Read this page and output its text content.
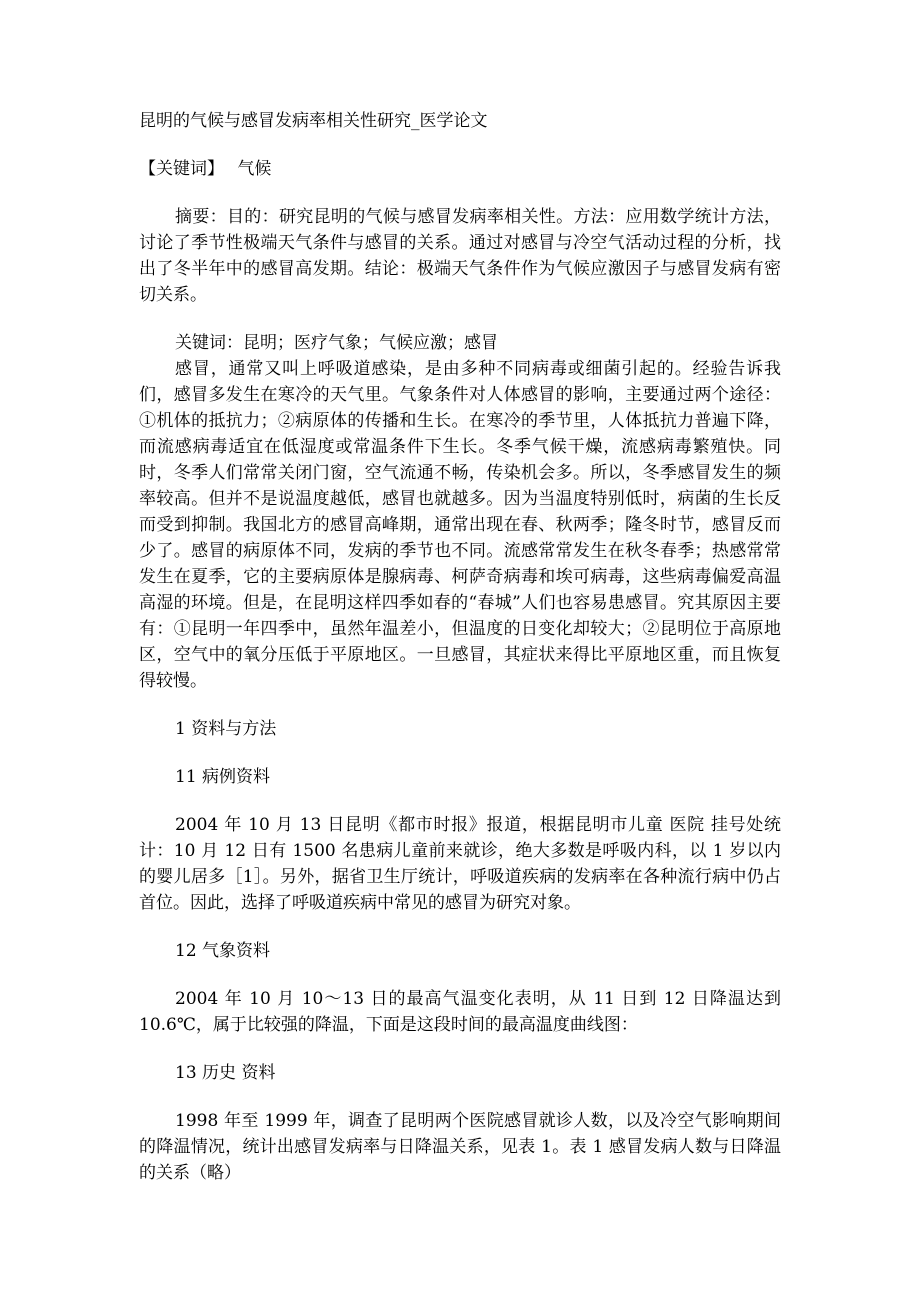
昆明的气候与感冒发病率相关性研究_医学论文

【关键词】 气候

摘要：目的：研究昆明的气候与感冒发病率相关性。方法：应用数学统计方法，讨论了季节性极端天气条件与感冒的关系。通过对感冒与冷空气活动过程的分析，找出了冬半年中的感冒高发期。结论：极端天气条件作为气候应激因子与感冒发病有密切关系。

关键词：昆明；医疗气象；气候应激；感冒

感冒，通常又叫上呼吸道感染，是由多种不同病毒或细菌引起的。经验告诉我们，感冒多发生在寒冷的天气里。气象条件对人体感冒的影响，主要通过两个途径：①机体的抵抗力；②病原体的传播和生长。在寒冷的季节里，人体抵抗力普遍下降，而流感病毒适宜在低湿度或常温条件下生长。冬季气候干燥，流感病毒繁殖快。同时，冬季人们常常关闭门窗，空气流通不畅，传染机会多。所以，冬季感冒发生的频率较高。但并不是说温度越低，感冒也就越多。因为当温度特别低时，病菌的生长反而受到抑制。我国北方的感冒高峰期，通常出现在春、秋两季；隆冬时节，感冒反而少了。感冒的病原体不同，发病的季节也不同。流感常常发生在秋冬春季；热感常常发生在夏季，它的主要病原体是腺病毒、柯萨奇病毒和埃可病毒，这些病毒偏爱高温高湿的环境。但是，在昆明这样四季如春的“春城”人们也容易患感冒。究其原因主要有：①昆明一年四季中，虽然年温差小，但温度的日变化却较大；②昆明位于高原地区，空气中的氧分压低于平原地区。一旦感冒，其症状来得比平原地区重，而且恢复得较慢。

1 资料与方法

11 病例资料

2004 年 10 月 13 日昆明《都市时报》报道，根据昆明市儿童 医院 挂号处统计：10 月 12 日有 1500 名患病儿童前来就诊，绝大多数是呼吸内科，以 1 岁以内的婴儿居多［1］。另外，据省卫生厅统计，呼吸道疾病的发病率在各种流行病中仍占首位。因此，选择了呼吸道疾病中常见的感冒为研究对象。

12 气象资料

2004 年 10 月 10～13 日的最高气温变化表明，从 11 日到 12 日降温达到 10.6℃，属于比较强的降温，下面是这段时间的最高温度曲线图：

13 历史 资料

1998 年至 1999 年，调查了昆明两个医院感冒就诊人数，以及冷空气影响期间的降温情况，统计出感冒发病率与日降温关系，见表 1。表 1 感冒发病人数与日降温的关系（略）
